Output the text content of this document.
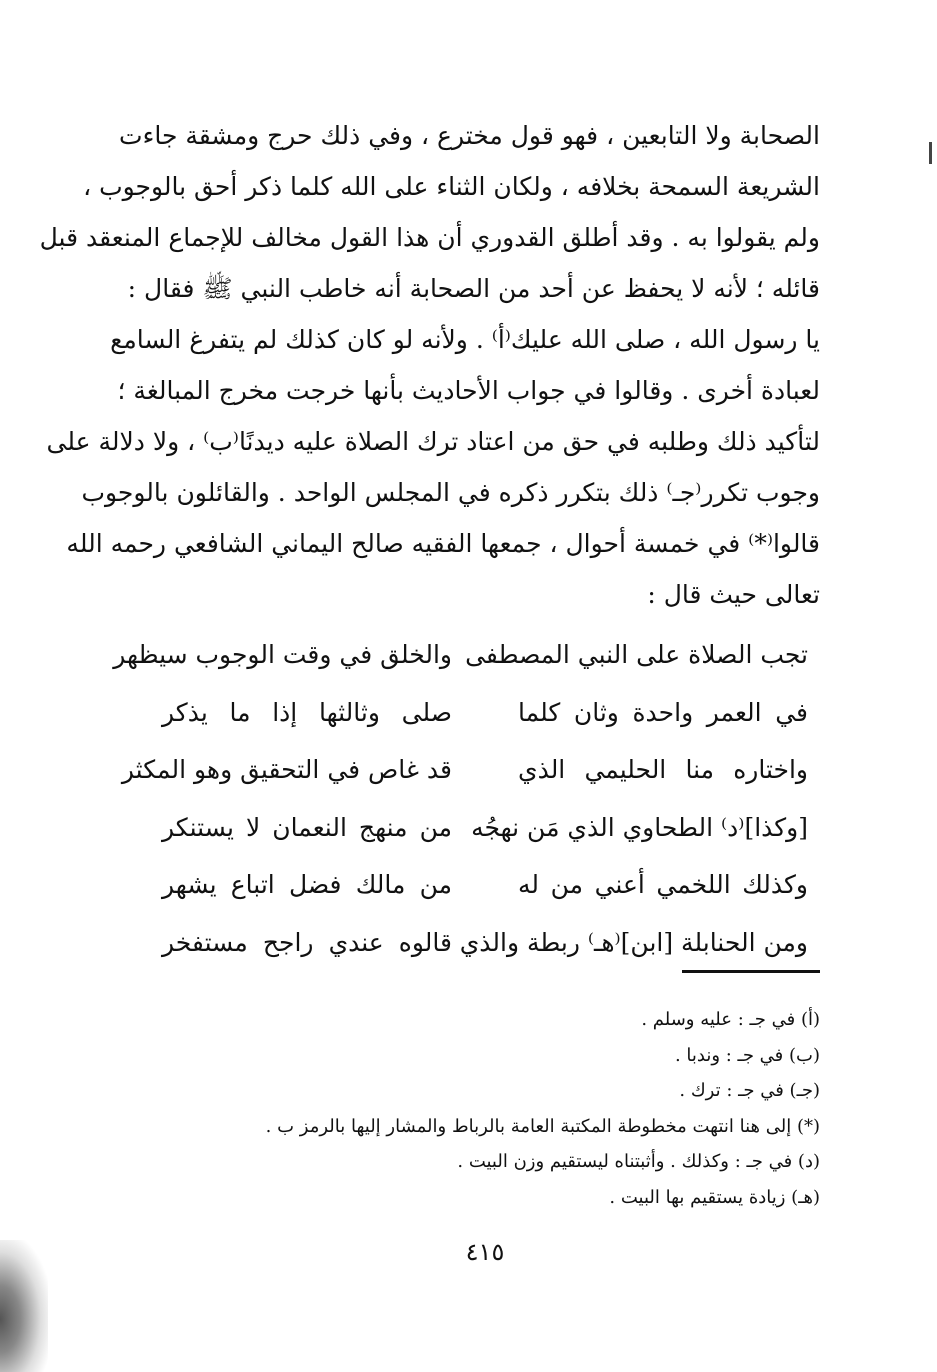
الصحابة ولا التابعين ، فهو قول مخترع ، وفي ذلك حرج ومشقة جاءت
الشريعة السمحة بخلافه ، ولكان الثناء على الله كلما ذكر أحق بالوجوب ،
ولم يقولوا به . وقد أطلق القدوري أن هذا القول مخالف للإجماع المنعقد قبل
قائله ؛ لأنه لا يحفظ عن أحد من الصحابة أنه خاطب النبي ﷺ فقال :
يا رسول الله ، صلى الله عليك⁽أ⁾ . ولأنه لو كان كذلك لم يتفرغ السامع
لعبادة أخرى . وقالوا في جواب الأحاديث بأنها خرجت مخرج المبالغة ؛
لتأكيد ذلك وطلبه في حق من اعتاد ترك الصلاة عليه ديدنًا⁽ب⁾ ، ولا دلالة على
وجوب تكرر⁽جـ⁾ ذلك بتكرر ذكره في المجلس الواحد . والقائلون بالوجوب
قالوا⁽*⁾ في خمسة أحوال ، جمعها الفقيه صالح اليماني الشافعي رحمه الله
تعالى حيث قال :
تجب الصلاة على النبي المصطفى
والخلق في وقت الوجوب سيظهر
في العمر واحدة وثان كلما
صلى وثالثها إذا ما يذكر
واختاره منا الحليمي الذي
قد غاص في التحقيق وهو المكثر
[وكذا]⁽د⁾ الطحاوي الذي مَن نهجُه
من منهج النعمان لا يستنكر
وكذلك اللخمي أعني من له
من مالك فضل اتباع يشهر
ومن الحنابلة [ابن]⁽هـ⁾ ربطة والذي
قالوه عندي راجح مستفخر
(أ) في جـ : عليه وسلم .
(ب) في جـ : وندبا .
(جـ) في جـ : ترك .
(*) إلى هنا انتهت مخطوطة المكتبة العامة بالرباط والمشار إليها بالرمز ب .
(د) في جـ : وكذلك . وأثبتناه ليستقيم وزن البيت .
(هـ) زيادة يستقيم بها البيت .
٤١٥
